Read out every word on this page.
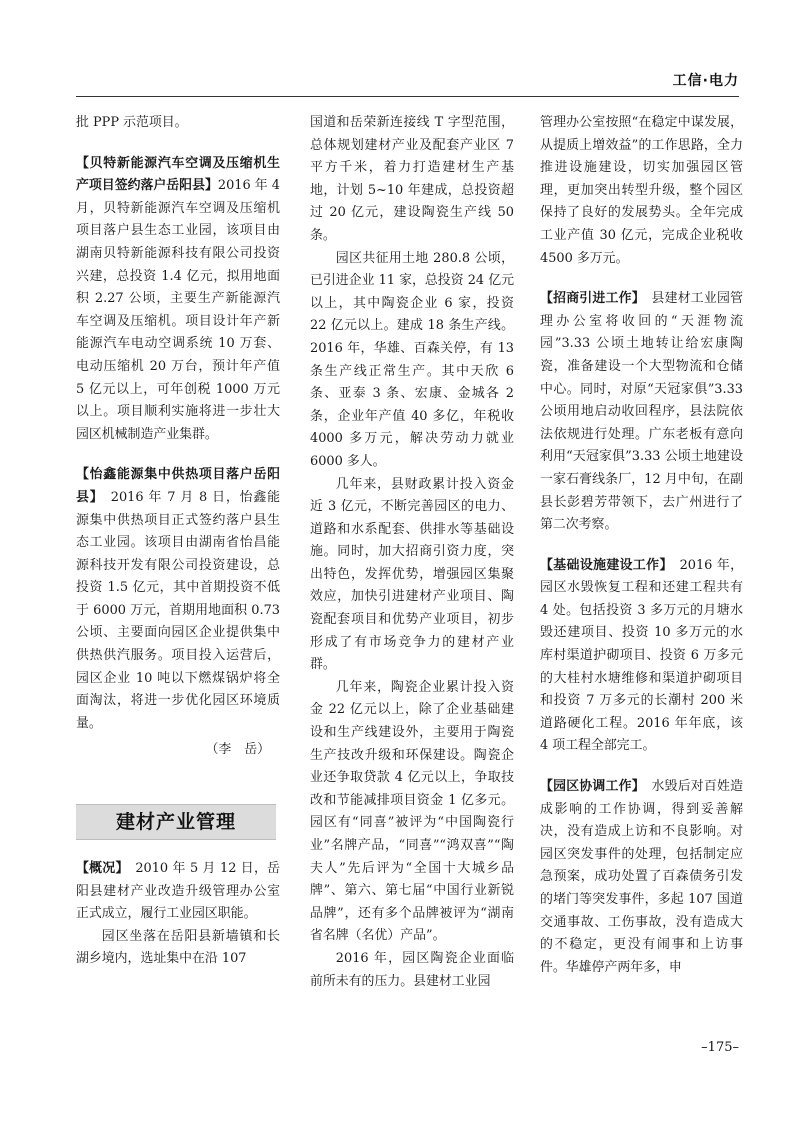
工信·电力

批 PPP 示范项目。

【贝特新能源汽车空调及压缩机生产项目签约落户岳阳县】2016 年 4 月，贝特新能源汽车空调及压缩机项目落户县生态工业园，该项目由湖南贝特新能源科技有限公司投资兴建，总投资 1.4 亿元，拟用地面积 2.27 公顷，主要生产新能源汽车空调及压缩机。项目设计年产新能源汽车电动空调系统 10 万套、电动压缩机 20 万台，预计年产值 5 亿元以上，可年创税 1000 万元以上。项目顺利实施将进一步壮大园区机械制造产业集群。
【怡鑫能源集中供热项目落户岳阳县】　 2016 年 7 月 8 日，怡鑫能源集中供热项目正式签约落户县生态工业园。该项目由湖南省怡昌能源科技开发有限公司投资建设，总投资 1.5 亿元，其中首期投资不低于 6000 万元，首期用地面积 0.73 公顷、主要面向园区企业提供集中供热供汽服务。项目投入运营后，园区企业 10 吨以下燃煤锅炉将全面淘汰，将进一步优化园区环境质量。
（李　岳）
建材产业管理
【概况】　 2010 年 5 月 12 日，岳阳县建材产业改造升级管理办公室正式成立，履行工业园区职能。

园区坐落在岳阳县新墙镇和长湖乡境内，选址集中在沿 107

国道和岳荣新连接线 T 字型范围，总体规划建材产业及配套产业区 7 平方千米，着力打造建材生产基地，计划 5~10 年建成，总投资超过 20 亿元，建设陶瓷生产线 50 条。

园区共征用土地 280.8 公顷，已引进企业 11 家，总投资 24 亿元以上，其中陶瓷企业 6 家，投资 22 亿元以上。建成 18 条生产线。2016 年，华雄、百森关停，有 13 条生产线正常生产。其中天欣 6 条、亚泰 3 条、宏康、金城各 2 条，企业年产值 40 多亿，年税收 4000 多万元，解决劳动力就业 6000 多人。

几年来，县财政累计投入资金近 3 亿元，不断完善园区的电力、道路和水系配套、供排水等基础设施。同时，加大招商引资力度，突出特色，发挥优势，增强园区集聚效应，加快引进建材产业项目、陶瓷配套项目和优势产业项目，初步形成了有市场竞争力的建材产业群。

几年来，陶瓷企业累计投入资金 22 亿元以上，除了企业基础建设和生产线建设外，主要用于陶瓷生产技改升级和环保建设。陶瓷企业还争取贷款 4 亿元以上，争取技改和节能减排项目资金 1 亿多元。园区有“同喜”被评为“中国陶瓷行业”名牌产品，“同喜”“鸿双喜”“陶夫人”先后评为“全国十大城乡品牌”、第六、第七届“中国行业新锐品牌”，还有多个品牌被评为“湖南省名牌（名优）产品”。

2016 年，园区陶瓷企业面临前所未有的压力。县建材工业园

管理办公室按照“在稳定中谋发展，从提质上增效益”的工作思路，全力推进设施建设，切实加强园区管理，更加突出转型升级，整个园区保持了良好的发展势头。全年完成工业产值 30 亿元，完成企业税收 4500 多万元。

【招商引进工作】　 县建材工业园管理办公室将收回的“天涯物流园”3.33 公顷土地转让给宏康陶瓷，准备建设一个大型物流和仓储中心。同时，对原“天冠家俱”3.33 公顷用地启动收回程序，县法院依法依规进行处理。广东老板有意向利用“天冠家俱”3.33 公顷土地建设一家石膏线条厂，12 月中旬，在副县长彭碧芳带领下，去广州进行了第二次考察。
【基础设施建设工作】　 2016 年，园区水毁恢复工程和还建工程共有 4 处。包括投资 3 多万元的月塘水毁还建项目、投资 10 多万元的水库村渠道护砌项目、投资 6 万多元的大桂村水塘维修和渠道护砌项目和投资 7 万多元的长潮村 200 米道路硬化工程。2016 年年底，该 4 项工程全部完工。
【园区协调工作】　 水毁后对百姓造成影响的工作协调，得到妥善解决，没有造成上访和不良影响。对园区突发事件的处理，包括制定应急预案，成功处置了百森债务引发的堵门等突发事件，多起 107 国道交通事故、工伤事故，没有造成大的不稳定，更没有闹事和上访事件。华雄停产两年多，申
–175–
